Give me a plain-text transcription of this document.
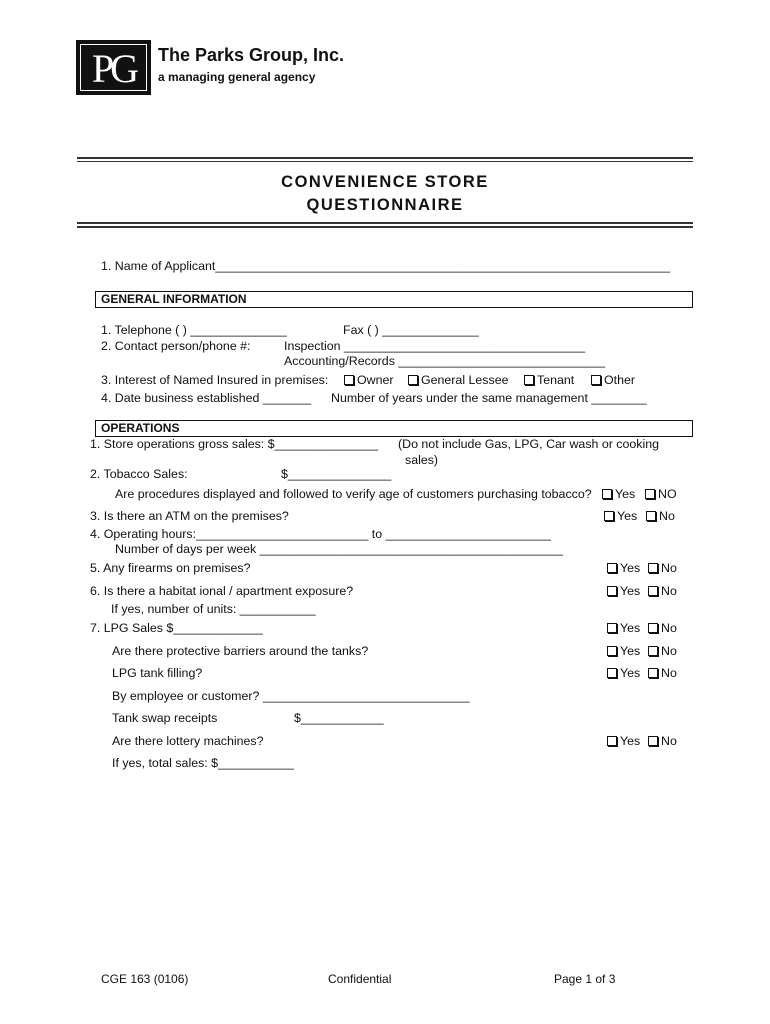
PG	The Parks Group, Inc.
a managing general agency
CONVENIENCE STORE
QUESTIONNAIRE
1. Name of Applicant__________________________________________________________________
GENERAL INFORMATION
1. Telephone ( ) ______________	Fax ( ) ______________
2. Contact person/phone #:	Inspection ___________________________________
Accounting/Records ______________________________
3. Interest of Named Insured in premises:	Owner	General Lessee	Tenant	Other
4. Date business established _______ Number of years under the same management ________
OPERATIONS
1. Store operations gross sales: $_______________ (Do not include Gas, LPG, Car wash or cooking
sales)
2. Tobacco Sales:	$_______________
Are procedures displayed and followed to verify age of customers purchasing tobacco?	Yes	NO
3. Is there an ATM on the premises?	Yes	No
4. Operating hours:_________________________ to ________________________
Number of days per week ____________________________________________
5. Any firearms on premises?	Yes	No
6. Is there a habitat ional / apartment exposure?	Yes	No
If yes, number of units: ___________
7. LPG Sales $_____________	Yes	No
Are there protective barriers around the tanks?	Yes	No
LPG tank filling?	Yes	No
By employee or customer? ______________________________
Tank swap receipts	$____________
Are there lottery machines?	Yes	No
If yes, total sales: $___________
CGE 163 (0106)	Confidential	Page 1 of 3
